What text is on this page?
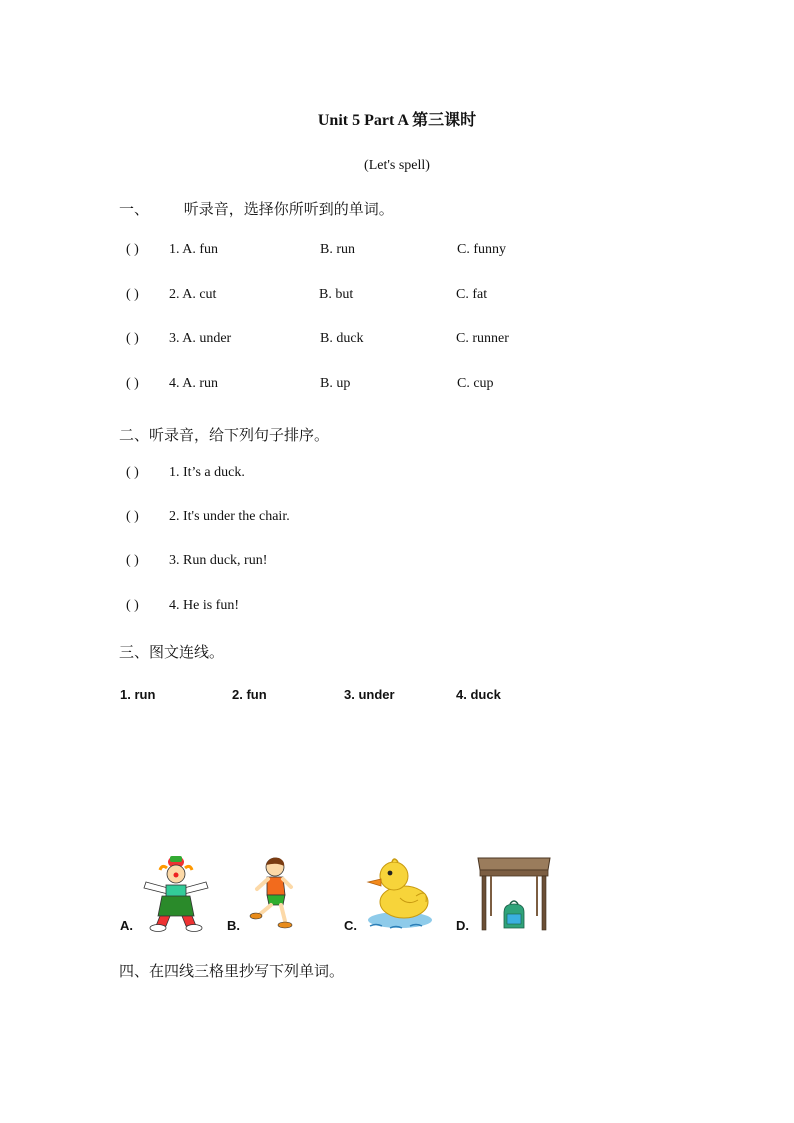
Unit 5 Part A 第三课时
(Let's spell)
一、 听录音，选择你所听到的单词。
( ) 1. A. fun	B. run	C. funny
( ) 2. A. cut	B. but	C. fat
( ) 3. A. under	B. duck	C. runner
( ) 4. A. run	B. up	C. cup
二、听录音，给下列句子排序。
( ) 1. It’s a duck.
( ) 2. It's under the chair.
( ) 3. Run duck, run!
( ) 4. He is fun!
三、图文连线。
1. run	2. fun	3. under	4. duck
A.	B.	C.	D.
四、在四线三格里抄写下列单词。
